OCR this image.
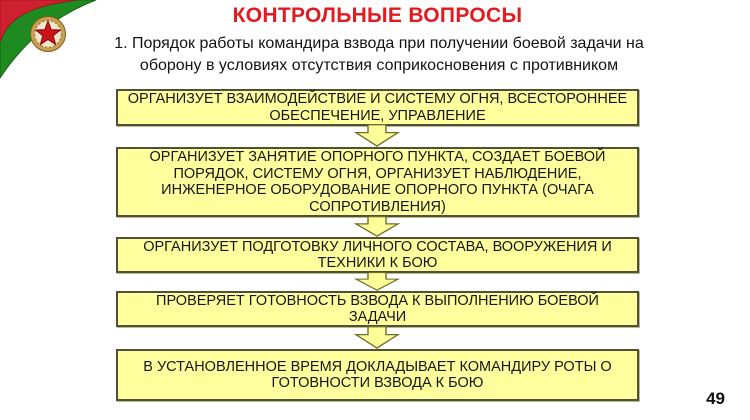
КОНТРОЛЬНЫЕ ВОПРОСЫ
1. Порядок работы командира взвода при получении боевой задачи на оборону в условиях отсутствия соприкосновения с противником
ОРГАНИЗУЕТ ВЗАИМОДЕЙСТВИЕ И СИСТЕМУ ОГНЯ, ВСЕСТОРОННЕЕ ОБЕСПЕЧЕНИЕ, УПРАВЛЕНИЕ
ОРГАНИЗУЕТ ЗАНЯТИЕ ОПОРНОГО ПУНКТА, СОЗДАЕТ БОЕВОЙ ПОРЯДОК, СИСТЕМУ ОГНЯ, ОРГАНИЗУЕТ НАБЛЮДЕНИЕ, ИНЖЕНЕРНОЕ ОБОРУДОВАНИЕ ОПОРНОГО ПУНКТА (ОЧАГА СОПРОТИВЛЕНИЯ)
ОРГАНИЗУЕТ ПОДГОТОВКУ ЛИЧНОГО СОСТАВА, ВООРУЖЕНИЯ И ТЕХНИКИ К БОЮ
ПРОВЕРЯЕТ ГОТОВНОСТЬ ВЗВОДА К ВЫПОЛНЕНИЮ БОЕВОЙ ЗАДАЧИ
В УСТАНОВЛЕННОЕ ВРЕМЯ ДОКЛАДЫВАЕТ КОМАНДИРУ РОТЫ О ГОТОВНОСТИ ВЗВОДА К БОЮ
49
